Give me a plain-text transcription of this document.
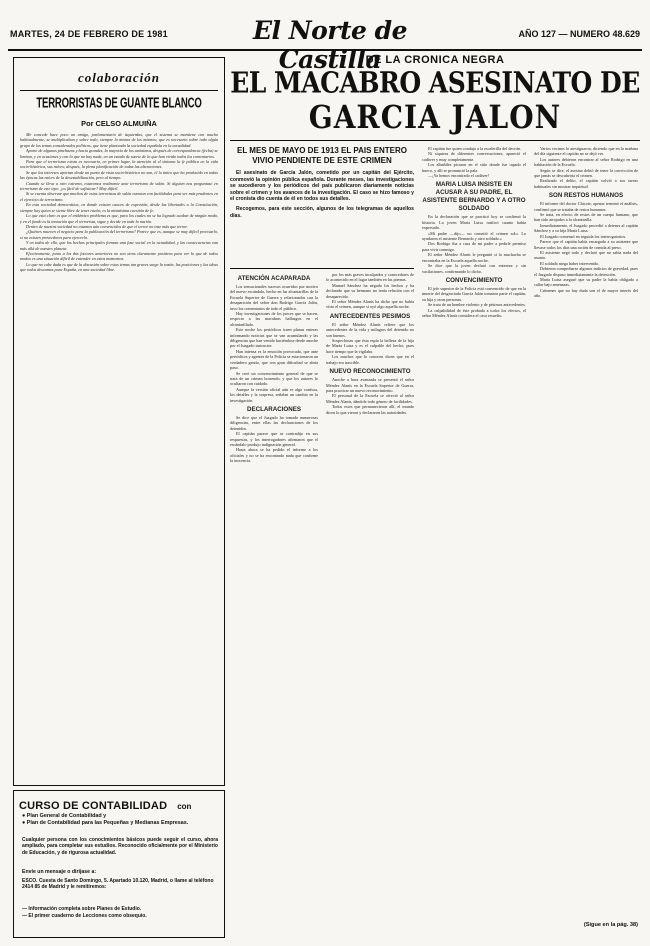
MARTES, 24 DE FEBRERO DE 1981	El Norte de Castilla
AÑO 127 — NUMERO 48.629
colaboración
TERRORISTAS DE GUANTE BLANCO
Por CELSO ALMUIÑA

Me concede hace poco un amigo, parlamentario de izquierdas, que el sistema se mantiene con mucho habitualmente, se multiplicaban y sobre todo, siempre lo mismo de los mismos; que es necesario sobre todo algún grupo de los temas considerados políticos, que tiene planteada la sociedad española en la actualidad.

Aparte de algunos pinchazos y hacia grandes, la mayoría de los anónimos, después de correspondencia (fecha) se limitan, y en ocasiones y con lo que no hay nada, en un estado de suerte de lo que han vivido todos los comentarios.

Para que el terrorismo exista es necesario, en primer lugar, la atención al el síntoma la fe pública en la vida socio-histórica, sus raíces; después, la plena planificación de todas las alteraciones.

Se que los intereses aportan desde un punto de vista socio-histórico no son, el lo único que ha producido en todas las épocas las raíces de la desestabilización, pero al tiempo.

Cuando se lleva a otro extremo, estaremos realmente ante terrorismo de salón. Si alguien nos preguntase en terrorismo de este tipo: ¿es fácil de sofisticar? Muy difícil.

Si se cuenta observar que muchos de estos terroristas de salón cuentan con facilidades para ser más prudentes en el ejercicio de terrorismo.

En esta sociedad democrática, en donde existen cauces de expresión, desde las libertades a la Constitución, siempre hay quien se siente libre de tener razón; es la mismísima cuestión de fe.

Lo que está claro es que el endémico problema es que, para los cuales no se ha logrado acabar de ningún modo, y en el fondo es la tentación que el terrorista, sigue y decide en toda la nación.

Dentro de nuestra sociedad no estamos aún convencidos de que el terror no trae más que terror.

¿Quiénes mueven el negocio para la publicación del terrorismo? Parece que es, aunque se muy difícil precisarlo, si no existen proveedores para ejercerlo.

Y en todos de ello, que los hechos principales forman una fase social en la actualidad, y las consecuencias van más allá de nuestro planeta.

Efectivamente, junto a los dos factores anteriores no son otros claramente positivos para ver lo que de todos modos es una situación difícil de entender en estos momentos.

Lo que no cabe duda es que de la discusión sobre estos temas tan graves surge la razón, las posiciones y las ideas que todos deseamos para España, en una sociedad libre.

CURSO DE CONTABILIDAD con
● Plan General de Contabilidad y
● Plan de Contabilidad para las Pequeñas y Medianas Empresas.
Cualquier persona con los conocimientos básicos puede seguir el curso, ahora ampliado, para completar sus estudios. Reconocido oficialmente por el Ministerio de Educación, y de rigurosa actualidad.
Envíe un mensaje o diríjase a:
ESCO. Cuesta de Santo Domingo, 5. Apartado 10.120, Madrid, o llame al teléfono 2414 85 de Madrid y le remitiremos:
— Información completa sobre Planes de Estudio.
— El primer cuaderno de Lecciones como obsequio.
DE LA CRONICA NEGRA
EL MACABRO ASESINATO DE
GARCIA JALON
EL MES DE MAYO DE 1913 EL PAIS ENTERO VIVIO PENDIENTE DE ESTE CRIMEN

El asesinato de García Jalón, cometido por un capitán del Ejército, conmovió la opinión pública española. Durante meses, las investigaciones se sucedieron y los periódicos del país publicaron diariamente noticias sobre el crimen y los avances de la investigación. El caso se hizo famoso y el cronista dio cuenta de él en todos sus detalles.

Recogemos, para este sección, algunos de los telegramas de aquellos días.

ATENCIÓN ACAPARADA

Los sensacionales sucesos ocurridos por motivo del nuevo escándalo, hecho en las alcantarillas de la Escuela Superior de Guerra y relacionados con la desaparición del señor don Rodrigo García Jalón, tuvo los comentarios de todo el público.

Hay investigaciones de los jueces que se hacen, respecto a las macabras hallazgos en el alcantarillado.

Este noche los periódicos traen planas enteras informando noticias que se van acumulando y las diligencias que han venido haciéndose desde anoche por el Juzgado instructor.

Han intensa es la emoción provocada, que ante periódicos y agentes de la Policía se estacionaron un verdadero gentío, que con gran dificultad se abría paso.

Se creó un convencimiento general de que se trata de un crimen horrendo, y que los autores lo ocultaron con cuidado.

Aunque la versión oficial aún es algo confusa, los detalles y la sorpresa, señalan un cambio en la investigación.

DECLARACIONES

Se dice que el Juzgado ha tomado numerosas diligencias, entre ellas las declaraciones de los detenidos.

El capitán parece que se contradijo en sus respuestas, y los interrogadores afirmaron que el escándalo produjo indignación general.

Hasta ahora se ha pedido el informe a los oficiales y no se ha encontrado nada que confirme la inocencia.

por los más graves inculpados y conocedores de lo acontecido en el lugar también en las piernas.

Manuel Sánchez ha negado los hechos y ha declarado que su hermano no tenía relación con el desaparecido.

El señor Méndez Alanís ha dicho que no había visto el crimen, aunque sí oyó algo aquella noche.

ANTECEDENTES PESIMOS

El señor Méndez Alanís refiere que los antecedentes de la vida y milagros del detenido no son buenos.

Sospechosas que ésta espía la belleza de la hija de María Luisa y es el culpable del hecho, pues hace tiempo que la vigilaba.

Los muchos que lo conocen dicen que en el trabajo era irascible.

NUEVO RECONOCIMIENTO

Anoche a hora avanzada se presentó el señor Méndez Alanís en la Escuela Superior de Guerra, para practicar un nuevo reconocimiento.

El personal de la Escuela se ofreció al señor Méndez Alanís, dándole todo género de facilidades.

Todos estos que permanecieron allí, el mundo dicen lo que vieron y declararon las autoridades.

El capitán fue quien condujo a la escalerilla del desván.

Ni siquiera de diferentes conversaciones, apareció el cadáver y muy completamente.

Los albañiles picaron en el sitio donde fue tapado el hueco, y allí se pronunció la pala.

—¡Ya hemos encontrado el cadáver!

MARIA LUISA INSISTE EN ACUSAR A SU PADRE, EL ASISTENTE BERNARDO Y A OTRO SOLDADO

En la declaración que se practicó hoy se confirmó la historia. La joven María Luisa ratificó cuanto había expresado.

«Mi padre —dijo— no cometió el crimen solo. Lo ayudaron el asistente Bernardo y otro soldado.»

Dos Rodrigo iba a casa de mi padre a pedirle permiso para vivir conmigo.

El señor Méndez Alanís le preguntó si la muchacha se encontraba en la Escuela aquella noche.

Se dice que la joven declaró con entereza y sin vacilaciones, confirmando lo dicho.

CONVENCIMIENTO

El jefe superior de la Policía está convencido de que en la muerte del desgraciado García Jalón tomaron parte el capitán, su hija y otras personas.

Se trata de un hombre violento y de pésimos antecedentes.

La culpabilidad de éste probada a todos los efectos, el señor Méndez Alanís considera el caso resuelto.

Varios vecinos lo atestiguaron, diciendo que en la mañana del día siguiente el capitán no se dejó ver.

Los autores debieron encontrar al señor Rodrigo en una habitación de la Escuela.

Según se dice, el asesino debió de tener la convicción de que jamás se descubriría el crimen.

Realizado el delito, el capitán volvió a sus tareas habituales sin mostrar inquietud.

SON RESTOS HUMANOS

El informe del doctor Chicote, apenas terminó el análisis, confirmó que se trataba de restos humanos.

Se trata, en efecto, de restos de un cuerpo humano, que han sido arrojados a la alcantarilla.

Inmediatamente, el Juzgado procedió a detener al capitán Sánchez y a su hija María Luisa.

El Juzgado comenzó en seguida los interrogatorios.

Parece que el capitán había encargado a su asistente que llevase todos los días una ración de comida al preso.

El asistente negó todo y declaró que no sabía nada del asunto.

El soldado niega haber intervenido.

Debieron comprobarse algunos indicios de gravedad, pues el Juzgado dispuso inmediatamente la detención.

María Luisa aseguró que su padre la había obligado a callar bajo amenazas.

Crímenes que no hay duda son el de mayor interés del año.

(Sigue en la pág. 38)
